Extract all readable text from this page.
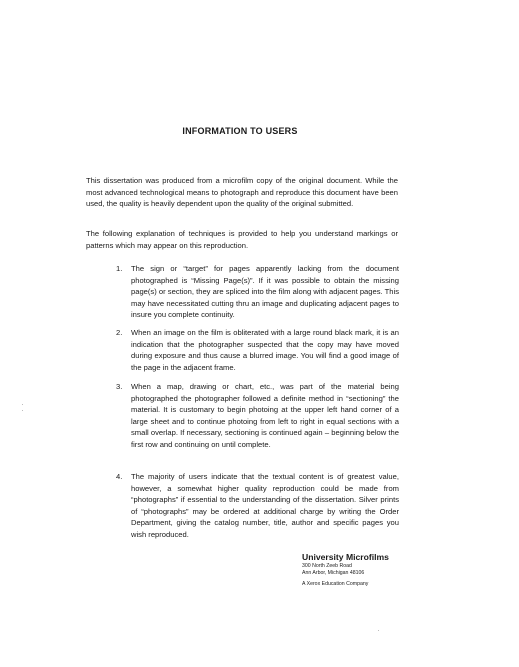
INFORMATION TO USERS

This dissertation was produced from a microfilm copy of the original document. While the most advanced technological means to photograph and reproduce this document have been used, the quality is heavily dependent upon the quality of the original submitted.

The following explanation of techniques is provided to help you understand markings or patterns which may appear on this reproduction.

1. The sign or “target” for pages apparently lacking from the document photographed is “Missing Page(s)”. If it was possible to obtain the missing page(s) or section, they are spliced into the film along with adjacent pages. This may have necessitated cutting thru an image and duplicating adjacent pages to insure you complete continuity.

2. When an image on the film is obliterated with a large round black mark, it is an indication that the photographer suspected that the copy may have moved during exposure and thus cause a blurred image. You will find a good image of the page in the adjacent frame.

3. When a map, drawing or chart, etc., was part of the material being photographed the photographer followed a definite method in “sectioning” the material. It is customary to begin photoing at the upper left hand corner of a large sheet and to continue photoing from left to right in equal sections with a small overlap. If necessary, sectioning is continued again – beginning below the first row and continuing on until complete.

4. The majority of users indicate that the textual content is of greatest value, however, a somewhat higher quality reproduction could be made from “photographs” if essential to the understanding of the dissertation. Silver prints of “photographs” may be ordered at additional charge by writing the Order Department, giving the catalog number, title, author and specific pages you wish reproduced.

University Microfilms
300 North Zeeb Road
Ann Arbor, Michigan 48106
A Xerox Education Company
